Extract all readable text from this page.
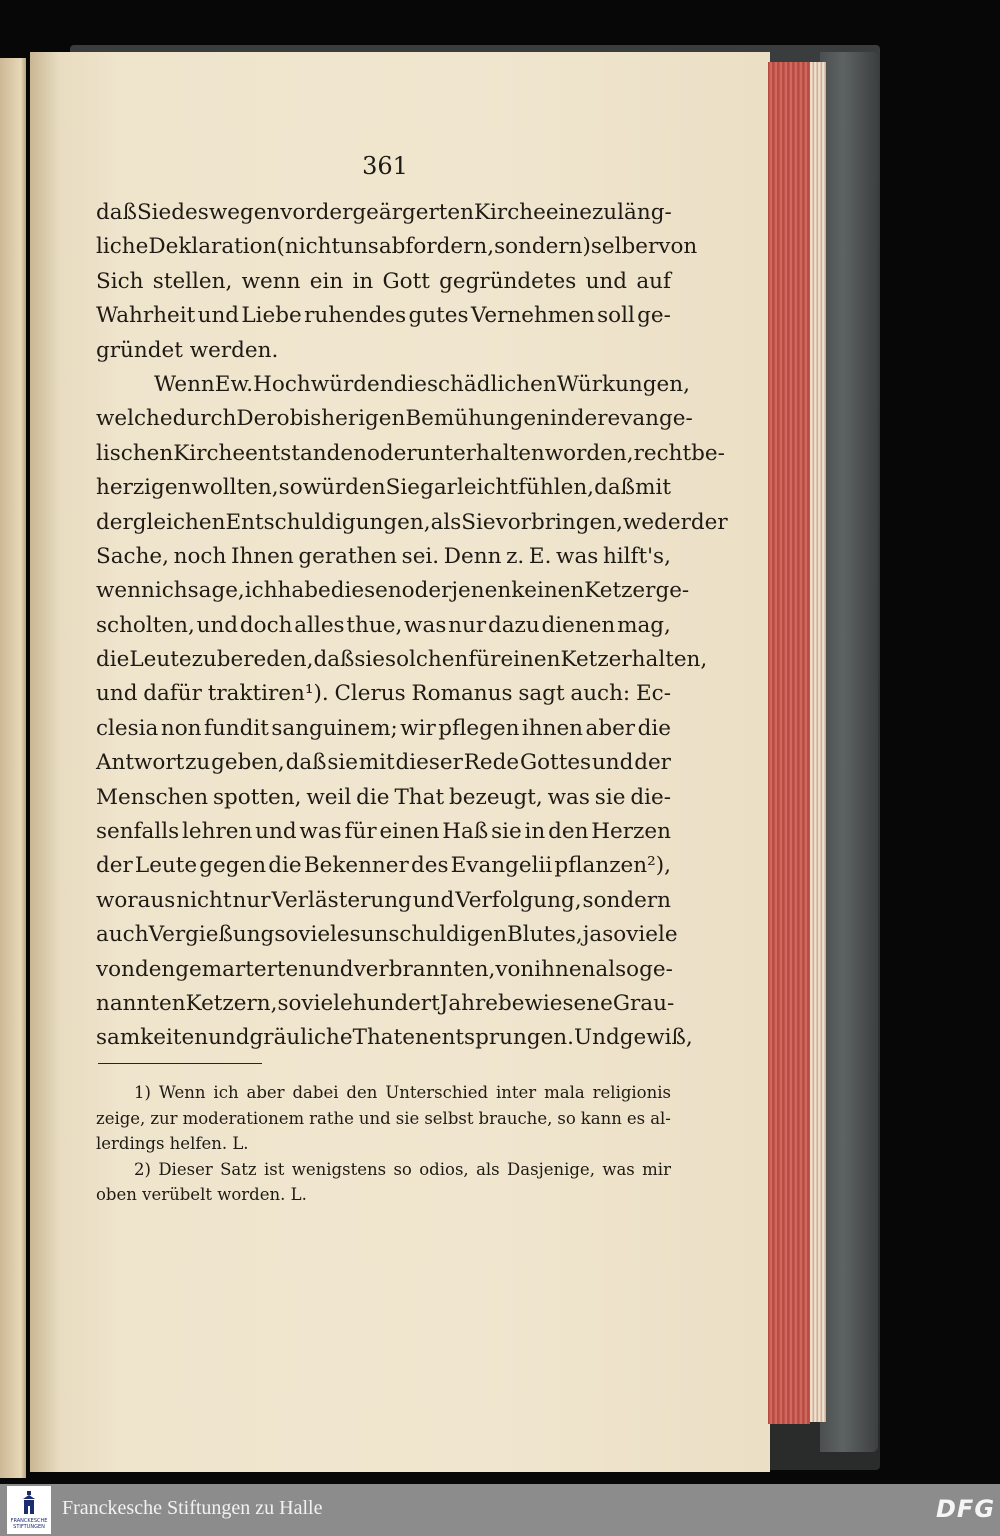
361
daß Sie deswegen vor der geärgerten Kirche eine zuläng-
liche Deklaration (nicht uns abfordern, sondern) selber von
Sich stellen, wenn ein in Gott gegründetes und auf
Wahrheit und Liebe ruhendes gutes Vernehmen soll ge-
gründet werden.
Wenn Ew. Hochwürden die schädlichen Würkungen,
welche durch Dero bisherigen Bemühungen in der evange-
lischen Kirche entstanden oder unterhalten worden, recht be-
herzigen wollten, so würden Sie gar leicht fühlen, daß mit
dergleichen Entschuldigungen, als Sie vorbringen, weder der
Sache, noch Ihnen gerathen sei. Denn z. E. was hilft's,
wenn ich sage, ich habe diesen oder jenen keinen Ketzer ge-
scholten, und doch alles thue, was nur dazu dienen mag,
die Leute zu bereden, daß sie solchen für einen Ketzer halten,
und dafür traktiren¹). Clerus Romanus sagt auch: Ec-
clesia non fundit sanguinem; wir pflegen ihnen aber die
Antwort zu geben, daß sie mit dieser Rede Gottes und der
Menschen spotten, weil die That bezeugt, was sie die-
senfalls lehren und was für einen Haß sie in den Herzen
der Leute gegen die Bekenner des Evangelii pflanzen²),
woraus nicht nur Verlästerung und Verfolgung, sondern
auch Vergießung so vieles unschuldigen Blutes, ja so viele
von den gemarterten und verbrannten, von ihnen also ge-
nannten Ketzern, so viele hundert Jahre bewiesene Grau-
samkeiten und gräuliche Thaten entsprungen. Und gewiß,
1) Wenn ich aber dabei den Unterschied inter mala religionis
zeige, zur moderationem rathe und sie selbst brauche, so kann es al-
lerdings helfen. L.
2) Dieser Satz ist wenigstens so odios, als Dasjenige, was mir
oben verübelt worden. L.
FRANCKESCHE STIFTUNGEN
Franckesche Stiftungen zu Halle	DFG
